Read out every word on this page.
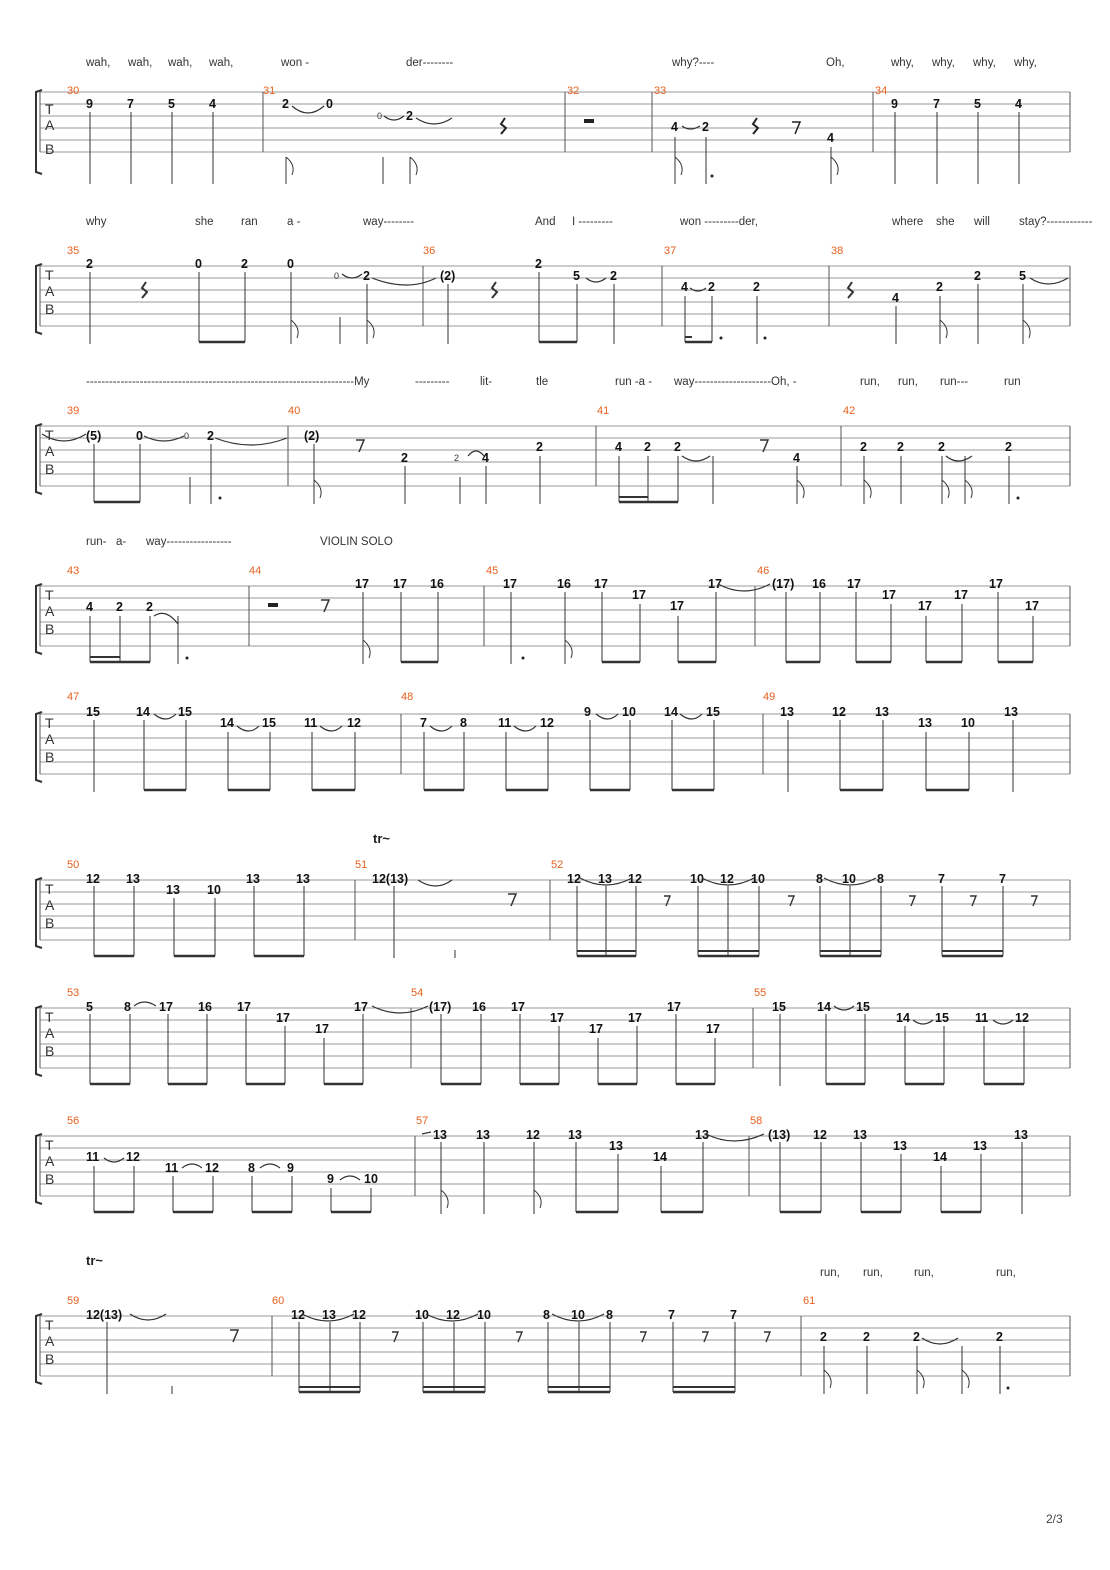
wah, wah, wah, wah,	won -	der--------	why?----	Oh,	why, why, why, why,
T
A
B
30	31	32	33	34
9	7	5	4	2	0
0 2
4 2
4
9	7	5	4
why	she ran	a -	way--------	And I ---------	won ---------der,	where she will	stay?------------
T
A
B
35	36	37	38
2	0	2	0
0 2	(2)
2
5 2
4 2	2
4
2
2	5
----------------------------------------------------------------------My	---------	lit-	tle	run -a - way--------------------Oh, -	run, run, run---	run
T
A
B
39	40	41	42
(5)	0	0 2	(2)
2	2 4
2	4 2 2
4
2 2	2	2
run- a- way-----------------	VIOLIN SOLO
T
A
B
43	44	45	46
4 2 2
17 17 16	17	16 17
17
17
17	(17) 16 17
17
17
17
17
17
T
A
B
47	48	49
15	14 15
14 15 11 12	7	8 11 12
9 10 14 15	13	12 13
13 10
13
tr~
T
A
B
50	51	52
12 13
13 10
13	13	12(13)	12 13 12	10 12 10	8 10 8	7	7
T
A
B
53	54	55
5 8 17 16 17
17
17
17	(17) 16 17
17
17
17
17
17
15 14 15
14 15 11 12
T
A
B
56	57	58
11 12
11 12 8	9
9 10
13 13	12 13
13
14
13	(13) 12 13
13
14
13
13
tr~
run, run,	run,	run,
T
A
B
59	60	61
12(13)	12 13 12	10 12 10	8 10 8	7	7
2	2	2	2
2/3
